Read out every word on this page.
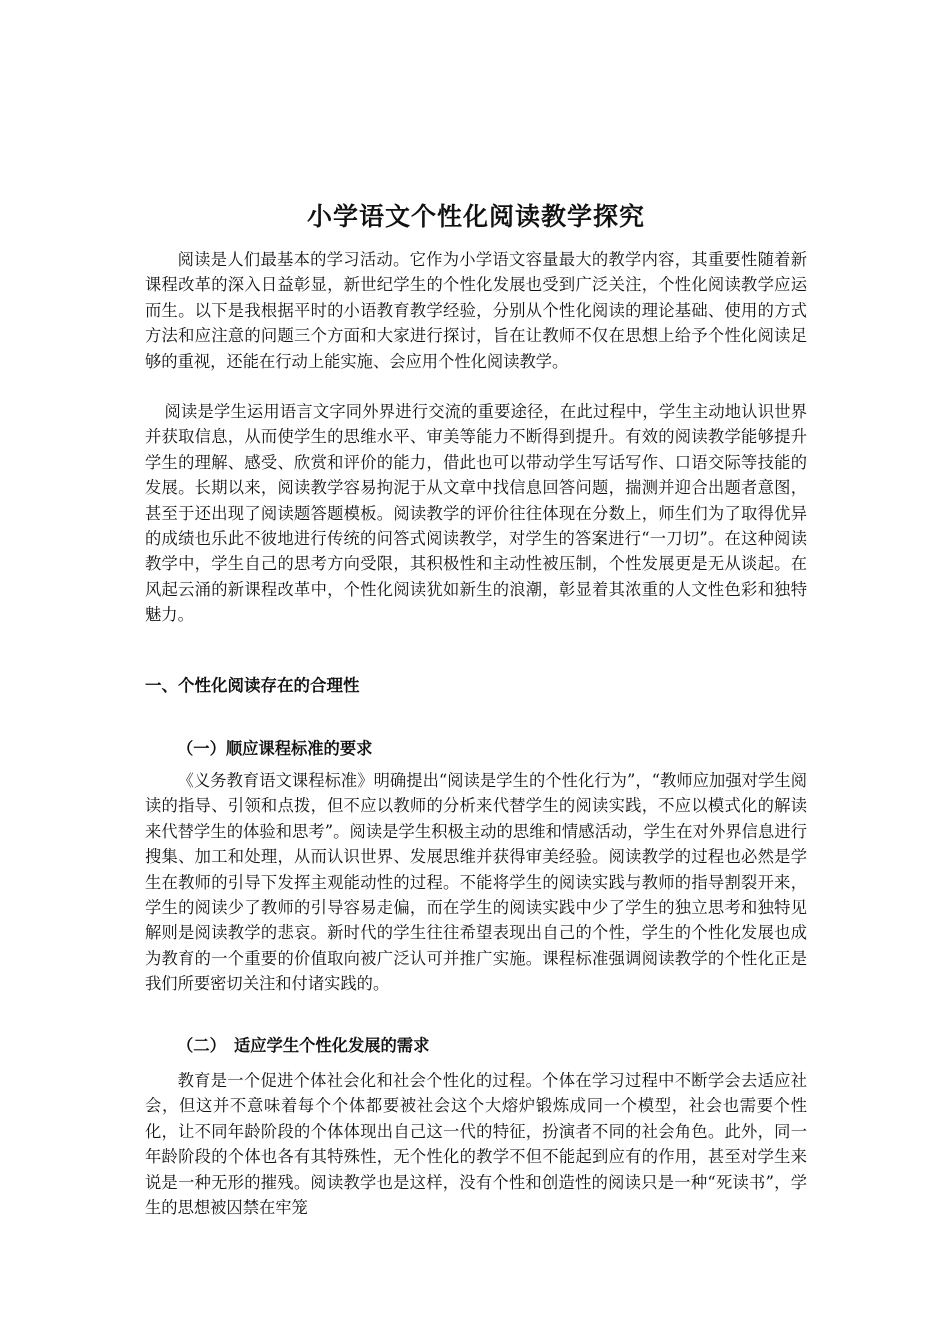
小学语文个性化阅读教学探究

阅读是人们最基本的学习活动。它作为小学语文容量最大的教学内容，其重要性随着新课程改革的深入日益彰显，新世纪学生的个性化发展也受到广泛关注，个性化阅读教学应运而生。以下是我根据平时的小语教育教学经验，分别从个性化阅读的理论基础、使用的方式方法和应注意的问题三个方面和大家进行探讨，旨在让教师不仅在思想上给予个性化阅读足够的重视，还能在行动上能实施、会应用个性化阅读教学。

阅读是学生运用语言文字同外界进行交流的重要途径，在此过程中，学生主动地认识世界并获取信息，从而使学生的思维水平、审美等能力不断得到提升。有效的阅读教学能够提升学生的理解、感受、欣赏和评价的能力，借此也可以带动学生写话写作、口语交际等技能的发展。长期以来，阅读教学容易拘泥于从文章中找信息回答问题，揣测并迎合出题者意图，甚至于还出现了阅读题答题模板。阅读教学的评价往往体现在分数上，师生们为了取得优异的成绩也乐此不彼地进行传统的问答式阅读教学，对学生的答案进行“一刀切”。在这种阅读教学中，学生自己的思考方向受限，其积极性和主动性被压制，个性发展更是无从谈起。在风起云涌的新课程改革中，个性化阅读犹如新生的浪潮，彰显着其浓重的人文性色彩和独特魅力。

一、个性化阅读存在的合理性
（一）顺应课程标准的要求

《义务教育语文课程标准》明确提出“阅读是学生的个性化行为”，“教师应加强对学生阅读的指导、引领和点拨，但不应以教师的分析来代替学生的阅读实践，不应以模式化的解读来代替学生的体验和思考”。阅读是学生积极主动的思维和情感活动，学生在对外界信息进行搜集、加工和处理，从而认识世界、发展思维并获得审美经验。阅读教学的过程也必然是学生在教师的引导下发挥主观能动性的过程。不能将学生的阅读实践与教师的指导割裂开来，学生的阅读少了教师的引导容易走偏，而在学生的阅读实践中少了学生的独立思考和独特见解则是阅读教学的悲哀。新时代的学生往往希望表现出自己的个性，学生的个性化发展也成为教育的一个重要的价值取向被广泛认可并推广实施。课程标准强调阅读教学的个性化正是我们所要密切关注和付诸实践的。

（二）　适应学生个性化发展的需求

教育是一个促进个体社会化和社会个性化的过程。个体在学习过程中不断学会去适应社会，但这并不意味着每个个体都要被社会这个大熔炉锻炼成同一个模型，社会也需要个性化，让不同年龄阶段的个体体现出自己这一代的特征，扮演者不同的社会角色。此外，同一年龄阶段的个体也各有其特殊性，无个性化的教学不但不能起到应有的作用，甚至对学生来说是一种无形的摧残。阅读教学也是这样，没有个性和创造性的阅读只是一种“死读书”，学生的思想被囚禁在牢笼
